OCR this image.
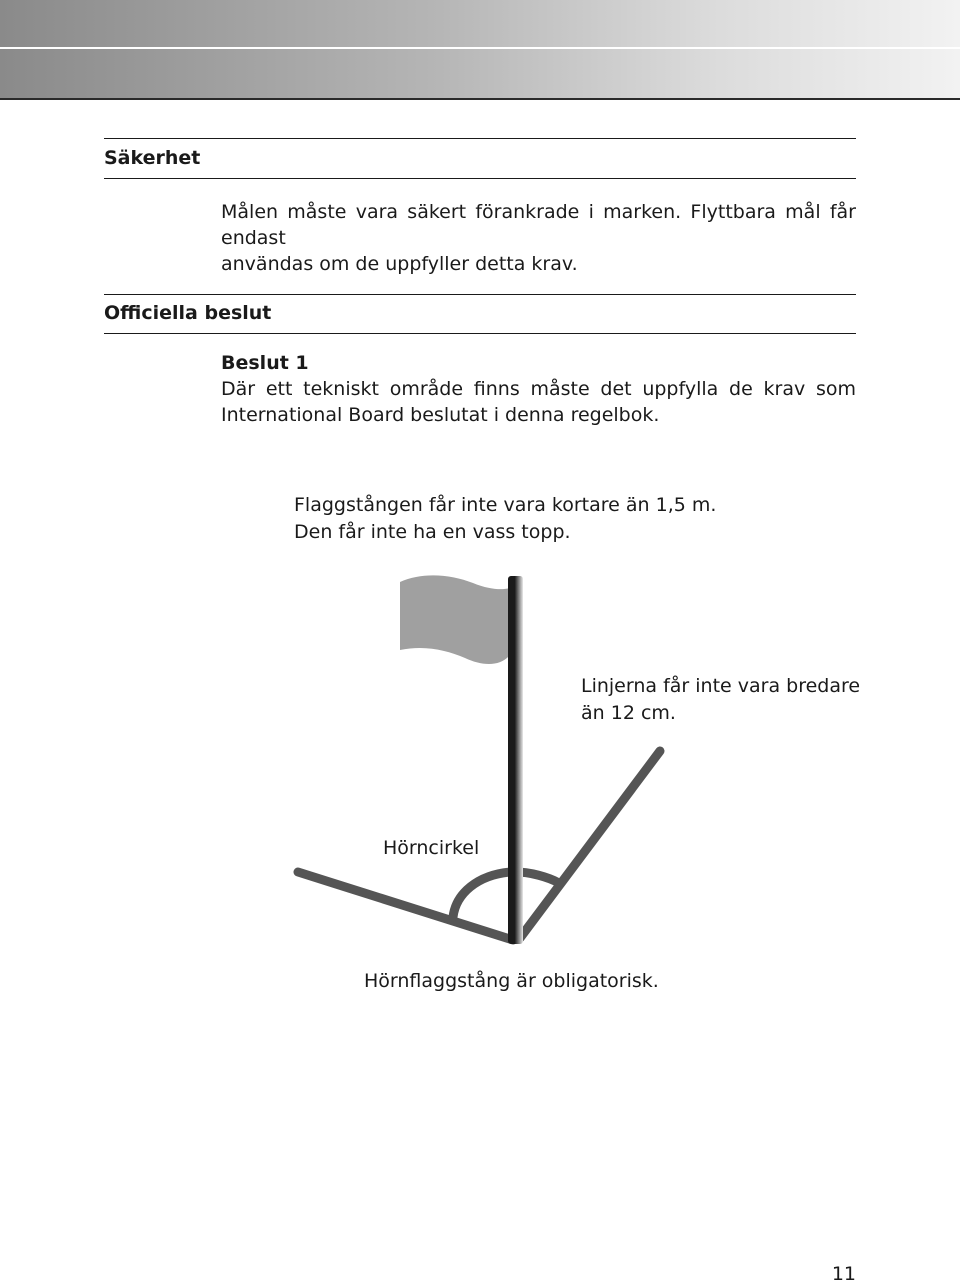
Säkerhet
Målen måste vara säkert förankrade i marken. Flyttbara mål får endast
användas om de uppfyller detta krav.
Officiella beslut
Beslut 1
Där ett tekniskt område finns måste det uppfylla de krav som
International Board beslutat i denna regelbok.
Flaggstången får inte vara kortare än 1,5 m.
Den får inte ha en vass topp.
Linjerna får inte vara bredare
än 12 cm.
Hörncirkel
Hörnflaggstång är obligatorisk.
11
